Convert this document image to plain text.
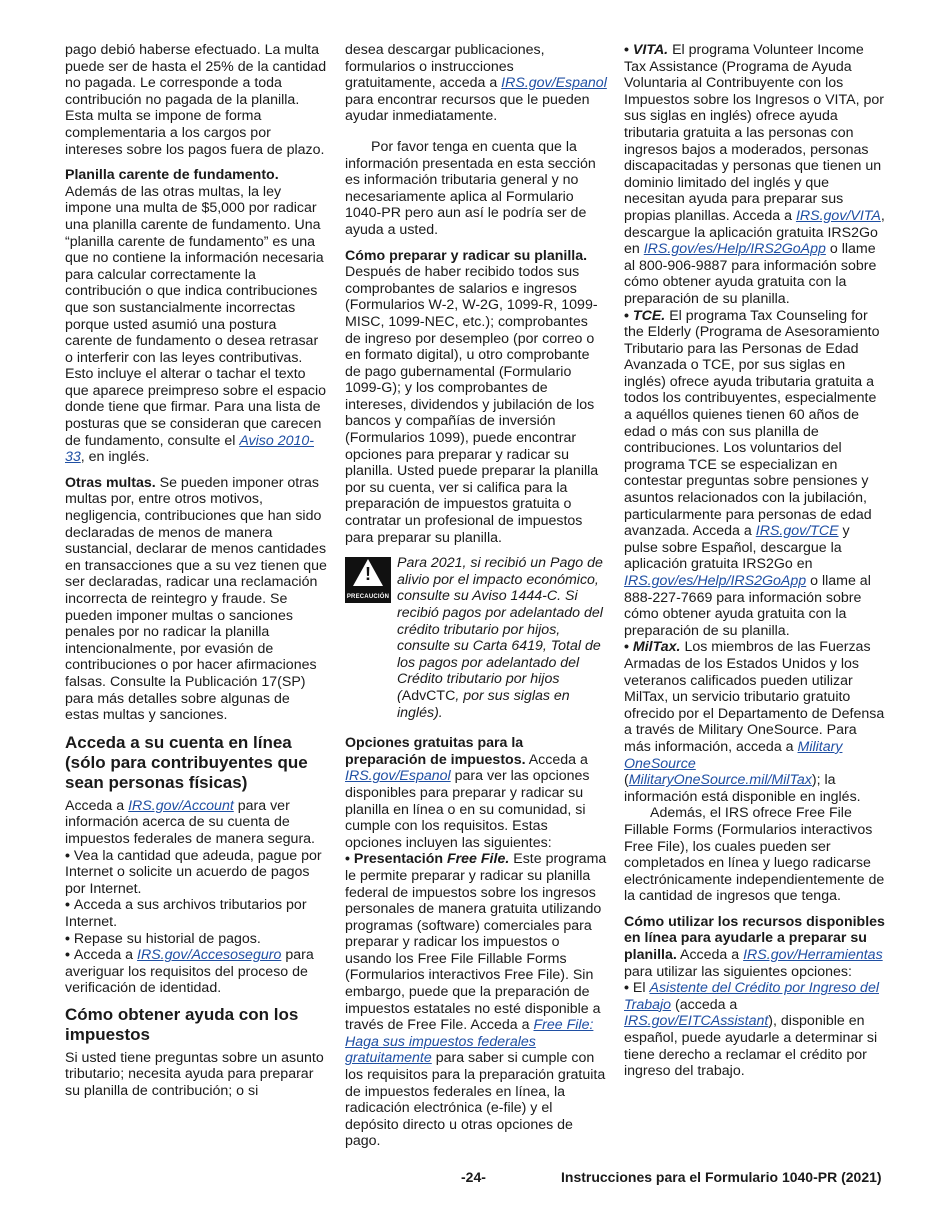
pago debió haberse efectuado. La multa puede ser de hasta el 25% de la cantidad no pagada. Le corresponde a toda contribución no pagada de la planilla. Esta multa se impone de forma complementaria a los cargos por intereses sobre los pagos fuera de plazo.

Planilla carente de fundamento. Además de las otras multas, la ley impone una multa de $5,000 por radicar una planilla carente de fundamento. Una “planilla carente de fundamento” es una que no contiene la información necesaria para calcular correctamente la contribución o que indica contribuciones que son sustancialmente incorrectas porque usted asumió una postura carente de fundamento o desea retrasar o interferir con las leyes contributivas. Esto incluye el alterar o tachar el texto que aparece preimpreso sobre el espacio donde tiene que firmar. Para una lista de posturas que se consideran que carecen de fundamento, consulte el Aviso 2010-33, en inglés.

Otras multas. Se pueden imponer otras multas por, entre otros motivos, negligencia, contribuciones que han sido declaradas de menos de manera sustancial, declarar de menos cantidades en transacciones que a su vez tienen que ser declaradas, radicar una reclamación incorrecta de reintegro y fraude. Se pueden imponer multas o sanciones penales por no radicar la planilla intencionalmente, por evasión de contribuciones o por hacer afirmaciones falsas. Consulte la Publicación 17(SP) para más detalles sobre algunas de estas multas y sanciones.

Acceda a su cuenta en línea (sólo para contribuyentes que sean personas físicas)

Acceda a IRS.gov/Account para ver información acerca de su cuenta de impuestos federales de manera segura.

• Vea la cantidad que adeuda, pague por Internet o solicite un acuerdo de pagos por Internet.

• Acceda a sus archivos tributarios por Internet.

• Repase su historial de pagos.

• Acceda a IRS.gov/Accesoseguro para averiguar los requisitos del proceso de verificación de identidad.

Cómo obtener ayuda con los impuestos

Si usted tiene preguntas sobre un asunto tributario; necesita ayuda para preparar su planilla de contribución; o si

desea descargar publicaciones, formularios o instrucciones gratuitamente, acceda a IRS.gov/Espanol para encontrar recursos que le pueden ayudar inmediatamente.

Por favor tenga en cuenta que la información presentada en esta sección es información tributaria general y no necesariamente aplica al Formulario 1040-PR pero aun así le podría ser de ayuda a usted.

Cómo preparar y radicar su planilla. Después de haber recibido todos sus comprobantes de salarios e ingresos (Formularios W-2, W-2G, 1099-R, 1099-MISC, 1099-NEC, etc.); comprobantes de ingreso por desempleo (por correo o en formato digital), u otro comprobante de pago gubernamental (Formulario 1099-G); y los comprobantes de intereses, dividendos y jubilación de los bancos y compañías de inversión (Formularios 1099), puede encontrar opciones para preparar y radicar su planilla. Usted puede preparar la planilla por su cuenta, ver si califica para la preparación de impuestos gratuita o contratar un profesional de impuestos para preparar su planilla.

!
PRECAUCIÓN
Para 2021, si recibió un Pago de alivio por el impacto económico, consulte su Aviso 1444-C. Si recibió pagos por adelantado del crédito tributario por hijos, consulte su Carta 6419, Total de los pagos por adelantado del Crédito tributario por hijos (AdvCTC, por sus siglas en inglés).

Opciones gratuitas para la preparación de impuestos. Acceda a IRS.gov/Espanol para ver las opciones disponibles para preparar y radicar su planilla en línea o en su comunidad, si cumple con los requisitos. Estas opciones incluyen las siguientes:

• Presentación Free File. Este programa le permite preparar y radicar su planilla federal de impuestos sobre los ingresos personales de manera gratuita utilizando programas (software) comerciales para preparar y radicar los impuestos o usando los Free File Fillable Forms (Formularios interactivos Free File). Sin embargo, puede que la preparación de impuestos estatales no esté disponible a través de Free File. Acceda a Free File: Haga sus impuestos federales gratuitamente para saber si cumple con los requisitos para la preparación gratuita de impuestos federales en línea, la radicación electrónica (e-file) y el depósito directo u otras opciones de pago.

• VITA. El programa Volunteer Income Tax Assistance (Programa de Ayuda Voluntaria al Contribuyente con los Impuestos sobre los Ingresos o VITA, por sus siglas en inglés) ofrece ayuda tributaria gratuita a las personas con ingresos bajos a moderados, personas discapacitadas y personas que tienen un dominio limitado del inglés y que necesitan ayuda para preparar sus propias planillas. Acceda a IRS.gov/VITA, descargue la aplicación gratuita IRS2Go en IRS.gov/es/Help/IRS2GoApp o llame al 800-906-9887 para información sobre cómo obtener ayuda gratuita con la preparación de su planilla.

• TCE. El programa Tax Counseling for the Elderly (Programa de Asesoramiento Tributario para las Personas de Edad Avanzada o TCE, por sus siglas en inglés) ofrece ayuda tributaria gratuita a todos los contribuyentes, especialmente a aquéllos quienes tienen 60 años de edad o más con sus planilla de contribuciones. Los voluntarios del programa TCE se especializan en contestar preguntas sobre pensiones y asuntos relacionados con la jubilación, particularmente para personas de edad avanzada. Acceda a IRS.gov/TCE y pulse sobre Español, descargue la aplicación gratuita IRS2Go en IRS.gov/es/Help/IRS2GoApp o llame al 888-227-7669 para información sobre cómo obtener ayuda gratuita con la preparación de su planilla.

• MilTax. Los miembros de las Fuerzas Armadas de los Estados Unidos y los veteranos calificados pueden utilizar MilTax, un servicio tributario gratuito ofrecido por el Departamento de Defensa a través de Military OneSource. Para más información, acceda a Military OneSource (MilitaryOneSource.mil/MilTax); la información está disponible en inglés.

Además, el IRS ofrece Free File Fillable Forms (Formularios interactivos Free File), los cuales pueden ser completados en línea y luego radicarse electrónicamente independientemente de la cantidad de ingresos que tenga.

Cómo utilizar los recursos disponibles en línea para ayudarle a preparar su planilla. Acceda a IRS.gov/Herramientas para utilizar las siguientes opciones:

• El Asistente del Crédito por Ingreso del Trabajo (acceda a IRS.gov/EITCAssistant), disponible en español, puede ayudarle a determinar si tiene derecho a reclamar el crédito por ingreso del trabajo.

-24-	Instrucciones para el Formulario 1040-PR (2021)
